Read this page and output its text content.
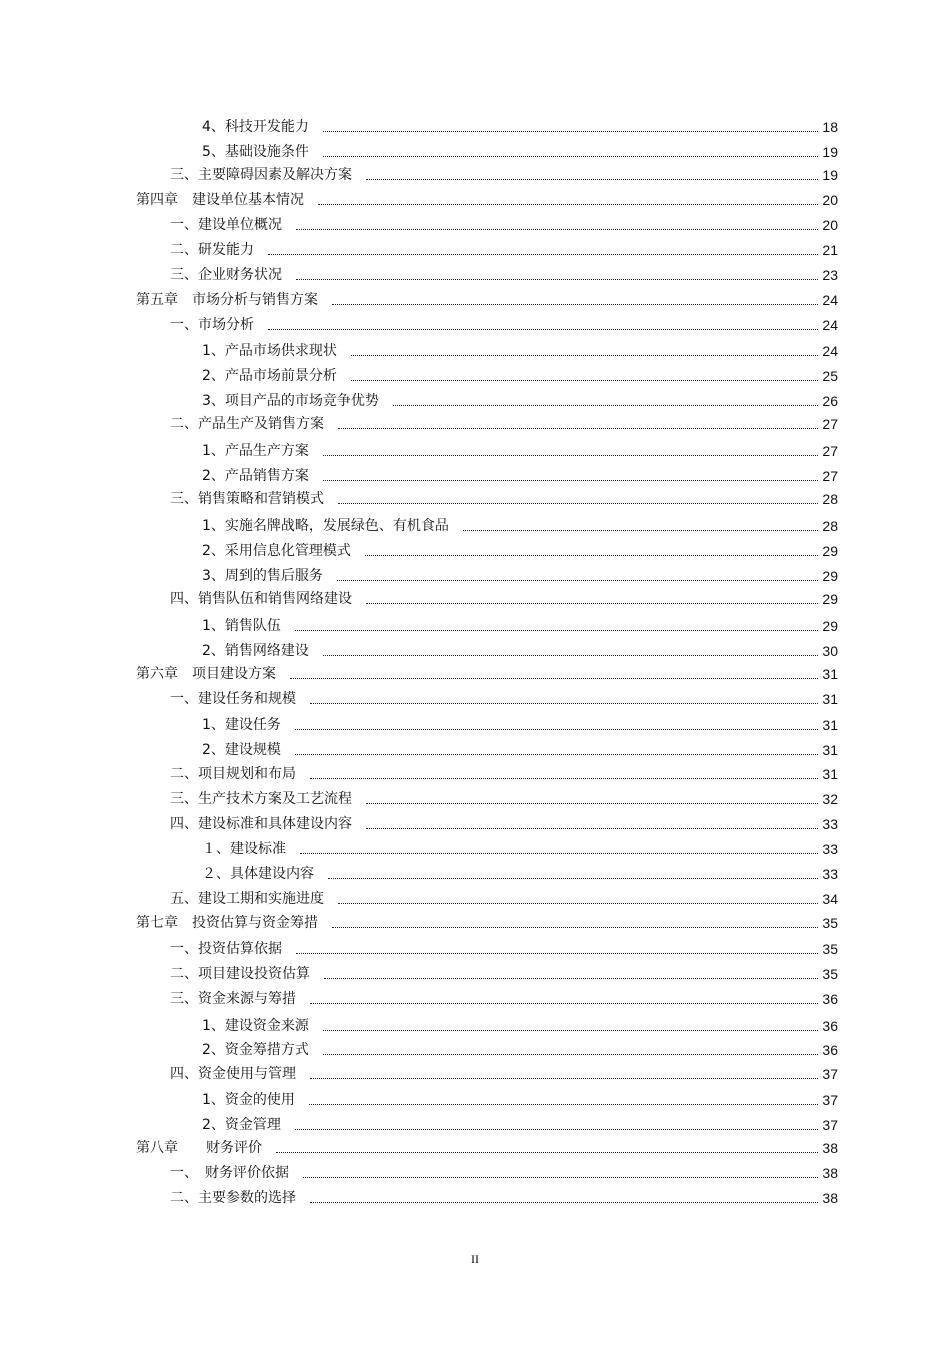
4、科技开发能力	18
5、基础设施条件	19
三、主要障碍因素及解决方案	19
第四章　建设单位基本情况	20
一、建设单位概况	20
二、研发能力	21
三、企业财务状况	23
第五章　市场分析与销售方案	24
一、市场分析	24
1、产品市场供求现状	24
2、产品市场前景分析	25
3、项目产品的市场竞争优势	26
二、产品生产及销售方案	27
1、产品生产方案	27
2、产品销售方案	27
三、销售策略和营销模式	28
1、实施名牌战略，发展绿色、有机食品	28
2、采用信息化管理模式	29
3、周到的售后服务	29
四、销售队伍和销售网络建设	29
1、销售队伍	29
2、销售网络建设	30
第六章　项目建设方案	31
一、建设任务和规模	31
1、建设任务	31
2、建设规模	31
二、项目规划和布局	31
三、生产技术方案及工艺流程	32
四、建设标准和具体建设内容	33
１、建设标准	33
２、具体建设内容	33
五、建设工期和实施进度	34
第七章　投资估算与资金筹措	35
一、投资估算依据	35
二、项目建设投资估算	35
三、资金来源与筹措	36
1、建设资金来源	36
2、资金筹措方式	36
四、资金使用与管理	37
1、资金的使用	37
2、资金管理	37
第八章　　财务评价	38
一、　财务评价依据	38
二、主要参数的选择	38
II
